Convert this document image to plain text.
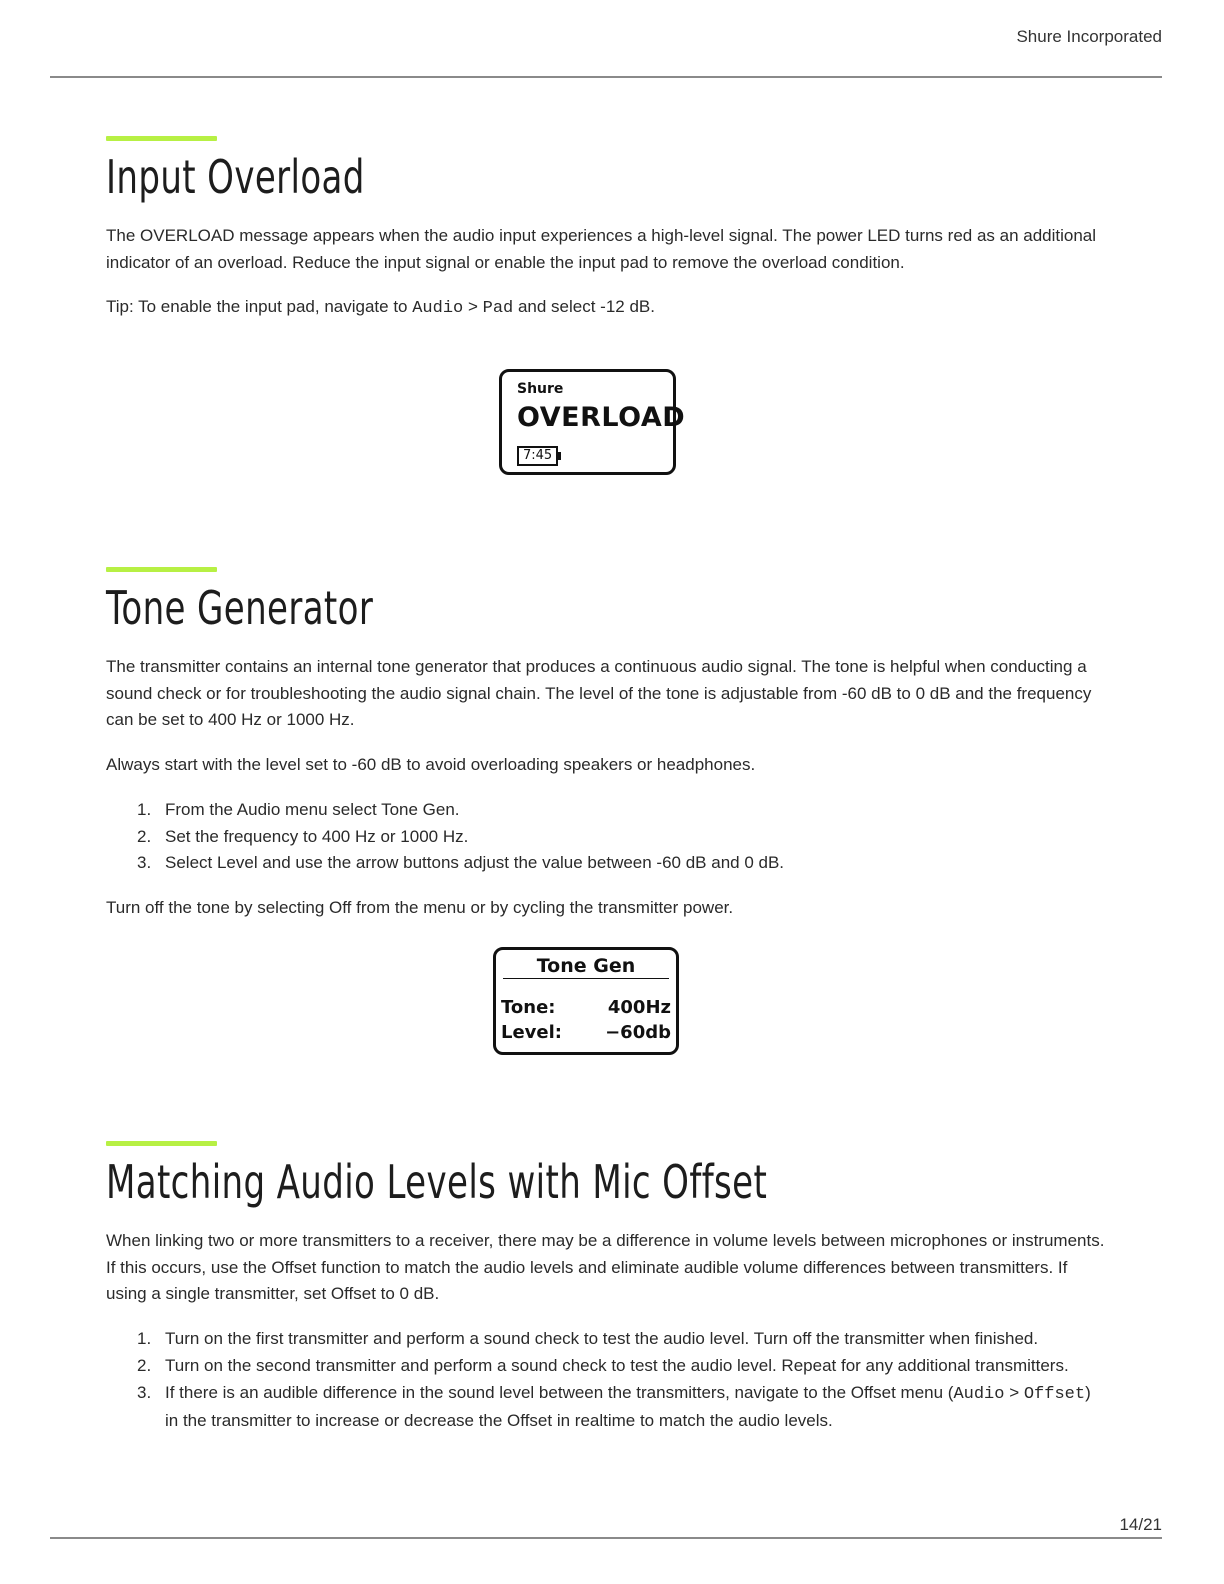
Shure Incorporated
Input Overload

The OVERLOAD message appears when the audio input experiences a high-level signal. The power LED turns red as an additional indicator of an overload. Reduce the input signal or enable the input pad to remove the overload condition.

Tip: To enable the input pad, navigate to Audio > Pad and select -12 dB.

Shure
OVERLOAD
7:45
Tone Generator

The transmitter contains an internal tone generator that produces a continuous audio signal. The tone is helpful when conducting a sound check or for troubleshooting the audio signal chain. The level of the tone is adjustable from -60 dB to 0 dB and the frequency can be set to 400 Hz or 1000 Hz.

Always start with the level set to -60 dB to avoid overloading speakers or headphones.

1. From the Audio menu select Tone Gen.
2. Set the frequency to 400 Hz or 1000 Hz.
3. Select Level and use the arrow buttons adjust the value between -60 dB and 0 dB.

Turn off the tone by selecting Off from the menu or by cycling the transmitter power.

Tone Gen
Tone:	400Hz
Level: −60db
Matching Audio Levels with Mic Offset

When linking two or more transmitters to a receiver, there may be a difference in volume levels between microphones or instruments. If this occurs, use the Offset function to match the audio levels and eliminate audible volume differences between transmitters. If using a single transmitter, set Offset to 0 dB.

1. Turn on the first transmitter and perform a sound check to test the audio level. Turn off the transmitter when finished.
2. Turn on the second transmitter and perform a sound check to test the audio level. Repeat for any additional transmitters.
3. If there is an audible difference in the sound level between the transmitters, navigate to the Offset menu (Audio > Offset) in the transmitter to increase or decrease the Offset in realtime to match the audio levels.
14/21
